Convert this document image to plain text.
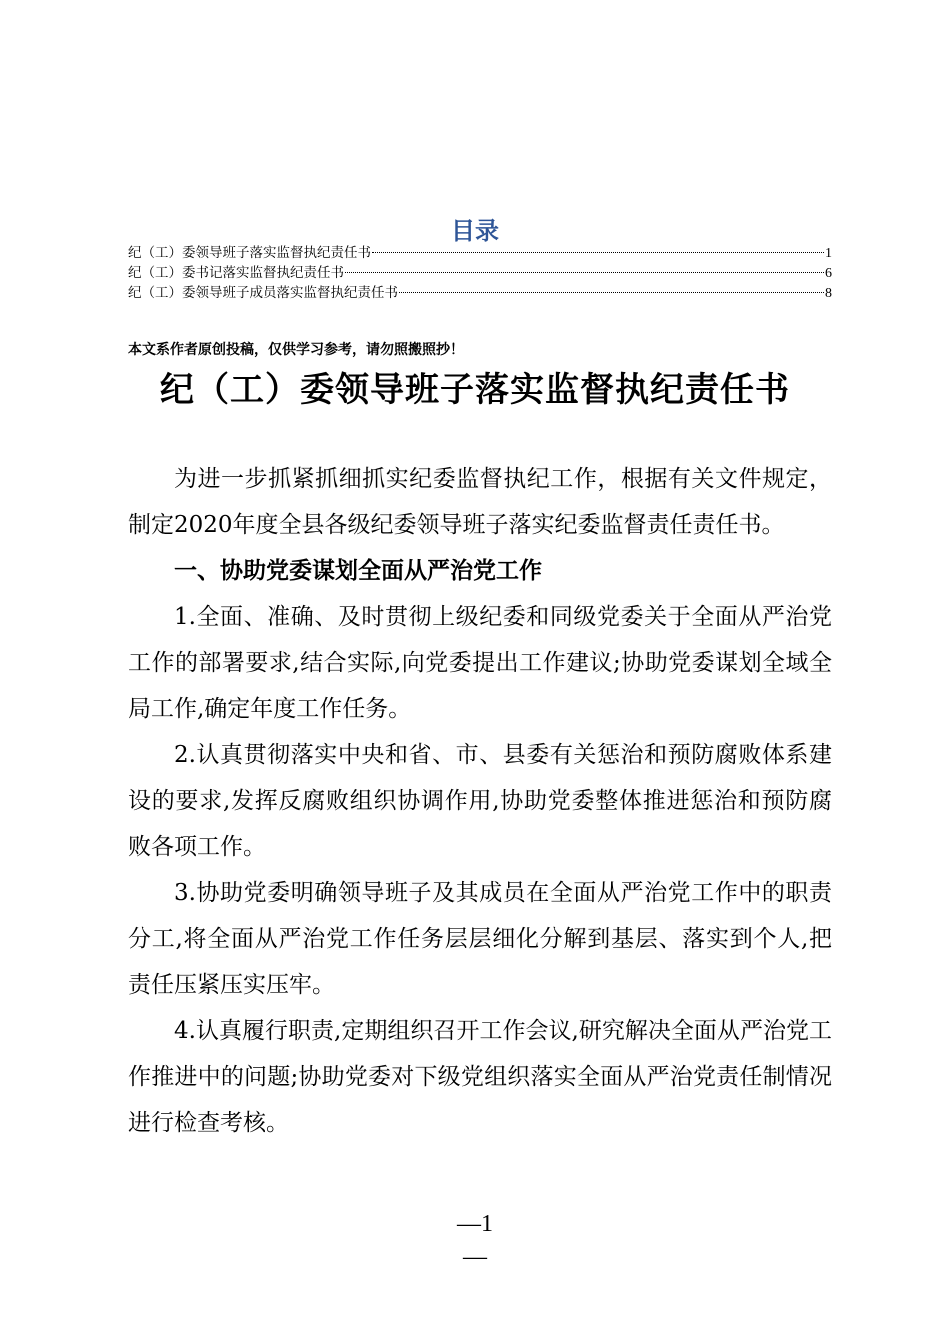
目录
纪（工）委领导班子落实监督执纪责任书	1
纪（工）委书记落实监督执纪责任书	6
纪（工）委领导班子成员落实监督执纪责任书	8
本文系作者原创投稿，仅供学习参考，请勿照搬照抄！
纪（工）委领导班子落实监督执纪责任书

为进一步抓紧抓细抓实纪委监督执纪工作，根据有关文件规定，制定2020年度全县各级纪委领导班子落实纪委监督责任责任书。

一、协助党委谋划全面从严治党工作

1.全面、准确、及时贯彻上级纪委和同级党委关于全面从严治党工作的部署要求,结合实际,向党委提出工作建议;协助党委谋划全域全局工作,确定年度工作任务。

2.认真贯彻落实中央和省、市、县委有关惩治和预防腐败体系建设的要求,发挥反腐败组织协调作用,协助党委整体推进惩治和预防腐败各项工作。

3.协助党委明确领导班子及其成员在全面从严治党工作中的职责分工,将全面从严治党工作任务层层细化分解到基层、落实到个人,把责任压紧压实压牢。

4.认真履行职责,定期组织召开工作会议,研究解决全面从严治党工作推进中的问题;协助党委对下级党组织落实全面从严治党责任制情况进行检查考核。

—1
—
